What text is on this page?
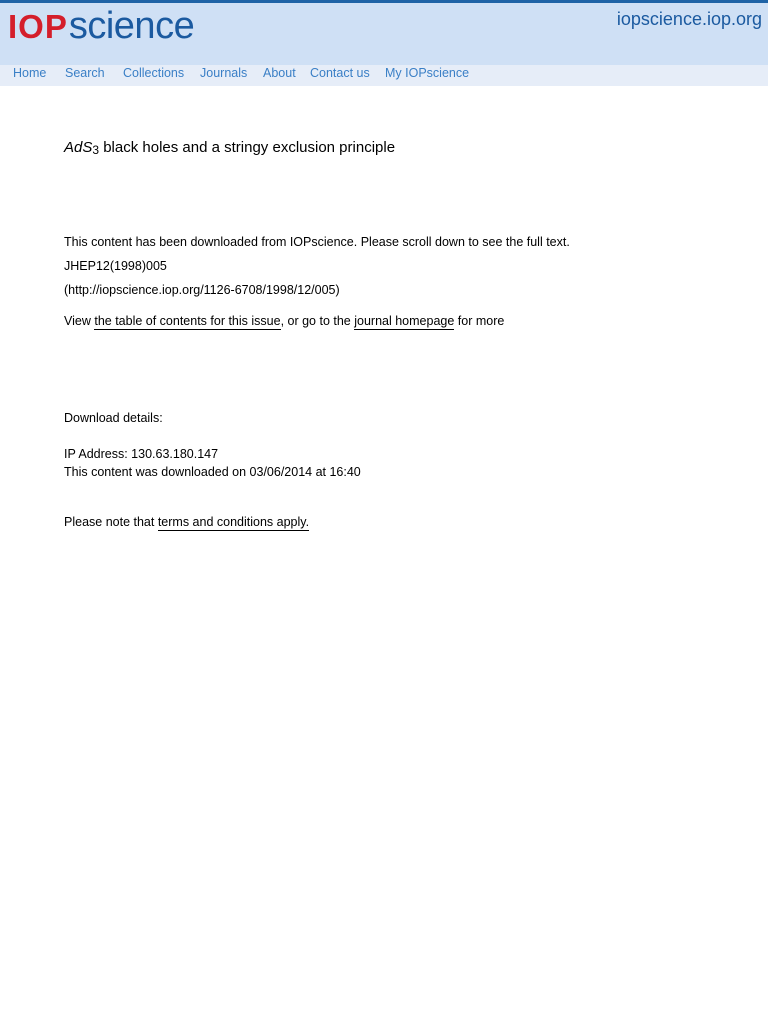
IOP science	iopscience.iop.org
Home Search Collections Journals About Contact us My IOPscience
AdS$_3$ black holes and a stringy exclusion principle
This content has been downloaded from IOPscience. Please scroll down to see the full text.
JHEP12(1998)005
(http://iopscience.iop.org/1126-6708/1998/12/005)
View the table of contents for this issue, or go to the journal homepage for more
Download details:
IP Address: 130.63.180.147
This content was downloaded on 03/06/2014 at 16:40
Please note that terms and conditions apply.
